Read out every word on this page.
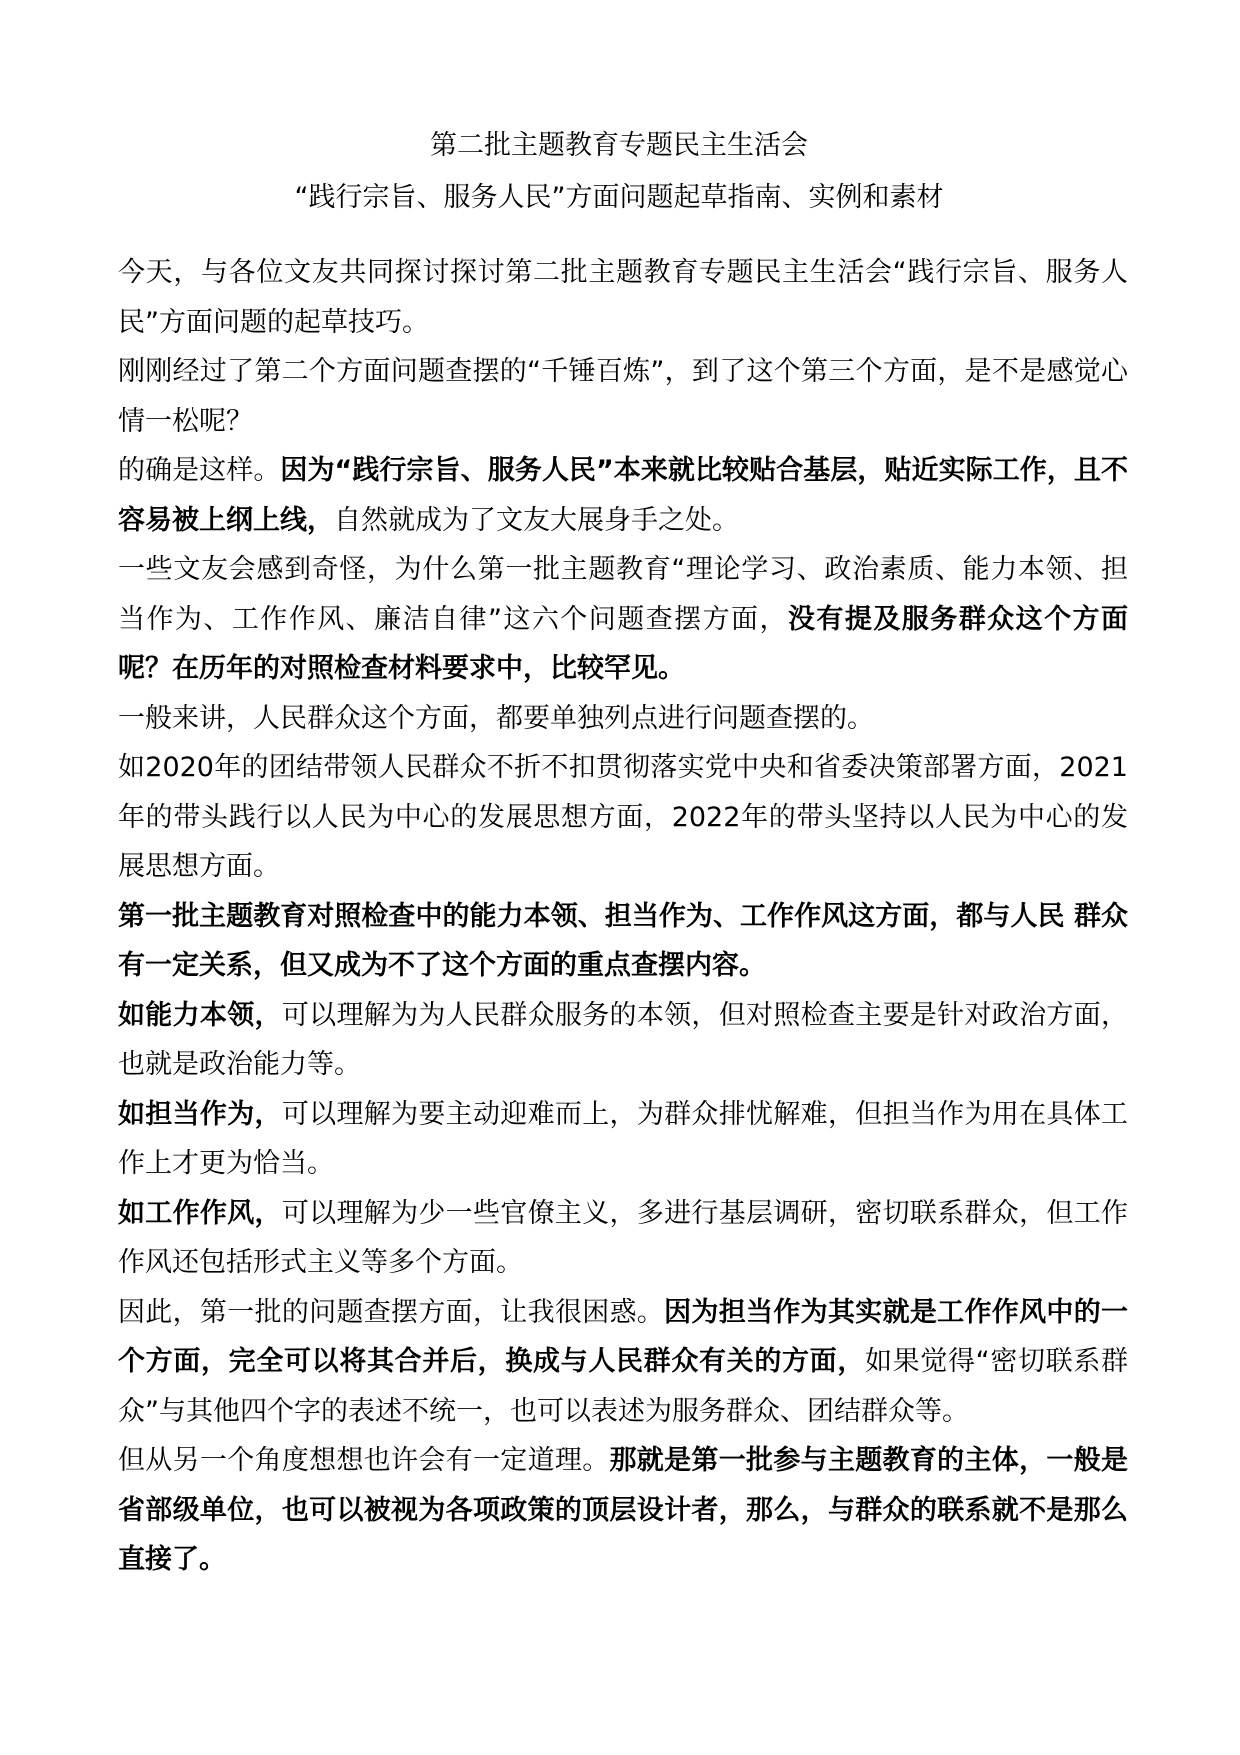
第二批主题教育专题民主生活会
“践行宗旨、服务人民”方面问题起草指南、实例和素材

今天，与各位文友共同探讨探讨第二批主题教育专题民主生活会“践行宗旨、服务人民”方面问题的起草技巧。

刚刚经过了第二个方面问题查摆的“千锤百炼”，到了这个第三个方面，是不是感觉心情一松呢？

的确是这样。因为“践行宗旨、服务人民”本来就比较贴合基层，贴近实际工作，且不容易被上纲上线，自然就成为了文友大展身手之处。

一些文友会感到奇怪，为什么第一批主题教育“理论学习、政治素质、能力本领、担当作为、工作作风、廉洁自律”这六个问题查摆方面，没有提及服务群众这个方面呢？在历年的对照检查材料要求中，比较罕见。

一般来讲，人民群众这个方面，都要单独列点进行问题查摆的。

如2020年的团结带领人民群众不折不扣贯彻落实党中央和省委决策部署方面，2021年的带头践行以人民为中心的发展思想方面，2022年的带头坚持以人民为中心的发展思想方面。

第一批主题教育对照检查中的能力本领、担当作为、工作作风这方面，都与人民 群众有一定关系，但又成为不了这个方面的重点查摆内容。

如能力本领，可以理解为为人民群众服务的本领，但对照检查主要是针对政治方面，也就是政治能力等。

如担当作为，可以理解为要主动迎难而上，为群众排忧解难，但担当作为用在具体工作上才更为恰当。

如工作作风，可以理解为少一些官僚主义，多进行基层调研，密切联系群众，但工作作风还包括形式主义等多个方面。

因此，第一批的问题查摆方面，让我很困惑。因为担当作为其实就是工作作风中的一个方面，完全可以将其合并后，换成与人民群众有关的方面，如果觉得“密切联系群众”与其他四个字的表述不统一，也可以表述为服务群众、团结群众等。

但从另一个角度想想也许会有一定道理。那就是第一批参与主题教育的主体，一般是省部级单位，也可以被视为各项政策的顶层设计者，那么，与群众的联系就不是那么直接了。
